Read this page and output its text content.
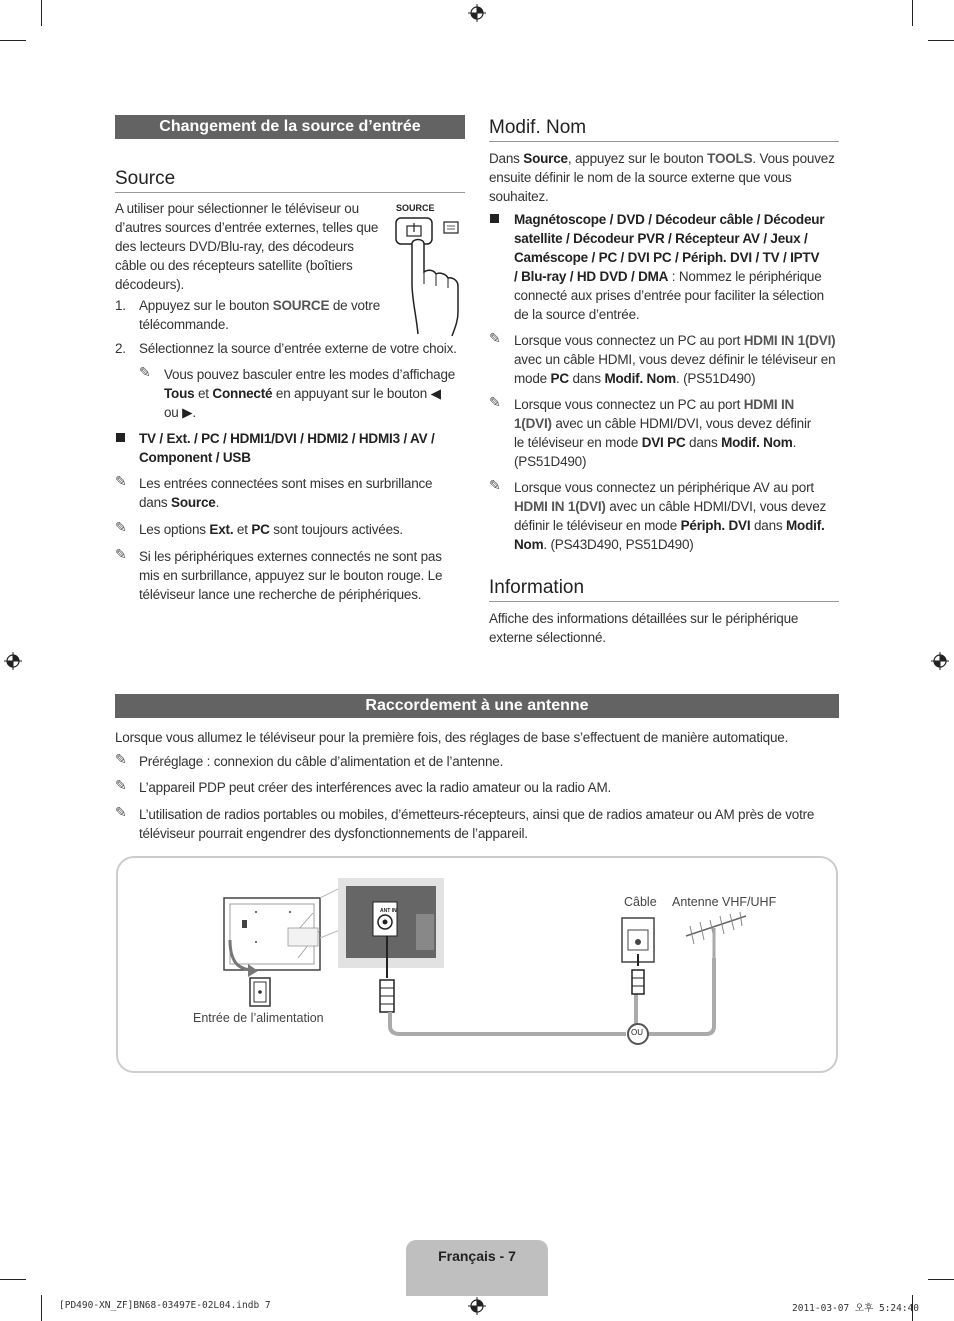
Changement de la source d’entrée
Source
A utiliser pour sélectionner le téléviseur ou
d’autres sources d’entrée externes, telles que
des lecteurs DVD/Blu-ray, des décodeurs
câble ou des récepteurs satellite (boîtiers
décodeurs).
SOURCE
1. Appuyez sur le bouton SOURCE de votre
télécommande.
2. Sélectionnez la source d’entrée externe de votre choix.
✎ Vous pouvez basculer entre les modes d’affichage
Tous et Connecté en appuyant sur le bouton ◀
ou ▶.
TV / Ext. / PC / HDMI1/DVI / HDMI2 / HDMI3 / AV /
Component / USB
✎ Les entrées connectées sont mises en surbrillance
dans Source.
✎ Les options Ext. et PC sont toujours activées.
✎ Si les périphériques externes connectés ne sont pas
mis en surbrillance, appuyez sur le bouton rouge. Le
téléviseur lance une recherche de périphériques.
Modif. Nom
Dans Source, appuyez sur le bouton TOOLS. Vous pouvez
ensuite définir le nom de la source externe que vous
souhaitez.
Magnétoscope / DVD / Décodeur câble / Décodeur
satellite / Décodeur PVR / Récepteur AV / Jeux /
Caméscope / PC / DVI PC / Périph. DVI / TV / IPTV
/ Blu-ray / HD DVD / DMA : Nommez le périphérique
connecté aux prises d’entrée pour faciliter la sélection
de la source d’entrée.
✎ Lorsque vous connectez un PC au port HDMI IN 1(DVI)
avec un câble HDMI, vous devez définir le téléviseur en
mode PC dans Modif. Nom. (PS51D490)
✎ Lorsque vous connectez un PC au port HDMI IN
1(DVI) avec un câble HDMI/DVI, vous devez définir
le téléviseur en mode DVI PC dans Modif. Nom.
(PS51D490)
✎ Lorsque vous connectez un périphérique AV au port
HDMI IN 1(DVI) avec un câble HDMI/DVI, vous devez
définir le téléviseur en mode Périph. DVI dans Modif.
Nom. (PS43D490, PS51D490)
Information
Affiche des informations détaillées sur le périphérique
externe sélectionné.
Raccordement à une antenne
Lorsque vous allumez le téléviseur pour la première fois, des réglages de base s’effectuent de manière automatique.
✎ Préréglage : connexion du câble d’alimentation et de l’antenne.
✎ L’appareil PDP peut créer des interférences avec la radio amateur ou la radio AM.
✎ L’utilisation de radios portables ou mobiles, d’émetteurs-récepteurs, ainsi que de radios amateur ou AM près de votre
téléviseur pourrait engendrer des dysfonctionnements de l’appareil.
ANT IN
OU
Câble Antenne VHF/UHF
Entrée de l’alimentation
Français - 7
[PD490-XN_ZF]BN68-03497E-02L04.indb 7	2011-03-07 오후 5:24:40
